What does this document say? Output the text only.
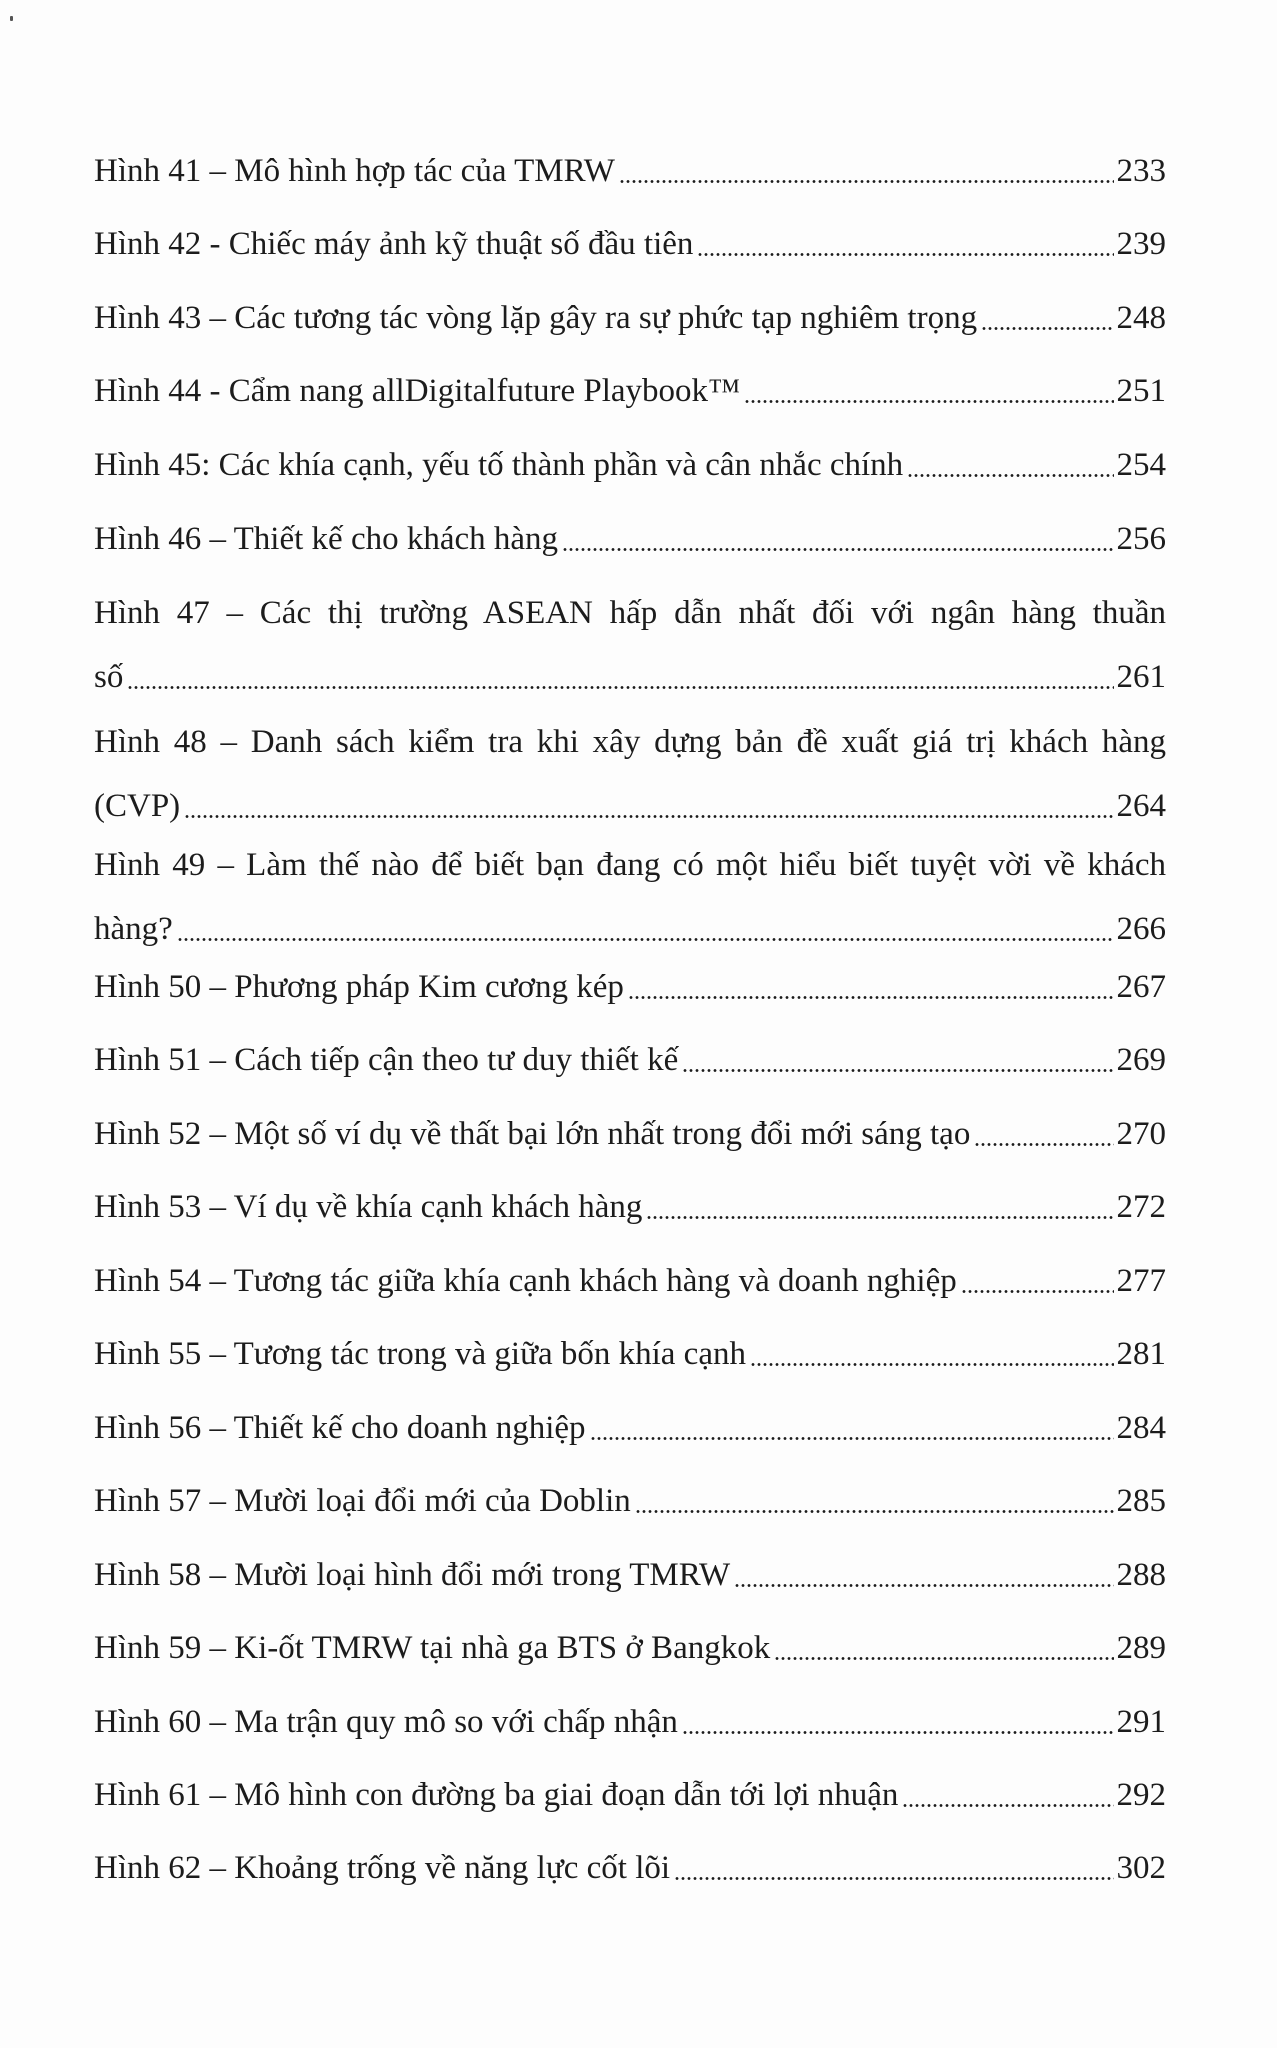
Hình 41 – Mô hình hợp tác của TMRW	233
Hình 42 - Chiếc máy ảnh kỹ thuật số đầu tiên	239
Hình 43 – Các tương tác vòng lặp gây ra sự phức tạp nghiêm trọng	248
Hình 44 - Cẩm nang allDigitalfuture Playbook™	251
Hình 45: Các khía cạnh, yếu tố thành phần và cân nhắc chính	254
Hình 46 – Thiết kế cho khách hàng	256
Hình 47 – Các thị trường ASEAN hấp dẫn nhất đối với ngân hàng thuần
số	261
Hình 48 – Danh sách kiểm tra khi xây dựng bản đề xuất giá trị khách hàng
(CVP)	264
Hình 49 – Làm thế nào để biết bạn đang có một hiểu biết tuyệt vời về khách
hàng?	266
Hình 50 – Phương pháp Kim cương kép	267
Hình 51 – Cách tiếp cận theo tư duy thiết kế	269
Hình 52 – Một số ví dụ về thất bại lớn nhất trong đổi mới sáng tạo	270
Hình 53 – Ví dụ về khía cạnh khách hàng	272
Hình 54 – Tương tác giữa khía cạnh khách hàng và doanh nghiệp	277
Hình 55 – Tương tác trong và giữa bốn khía cạnh	281
Hình 56 – Thiết kế cho doanh nghiệp	284
Hình 57 – Mười loại đổi mới của Doblin	285
Hình 58 – Mười loại hình đổi mới trong TMRW	288
Hình 59 – Ki-ốt TMRW tại nhà ga BTS ở Bangkok	289
Hình 60 – Ma trận quy mô so với chấp nhận	291
Hình 61 – Mô hình con đường ba giai đoạn dẫn tới lợi nhuận	292
Hình 62 – Khoảng trống về năng lực cốt lõi	302
